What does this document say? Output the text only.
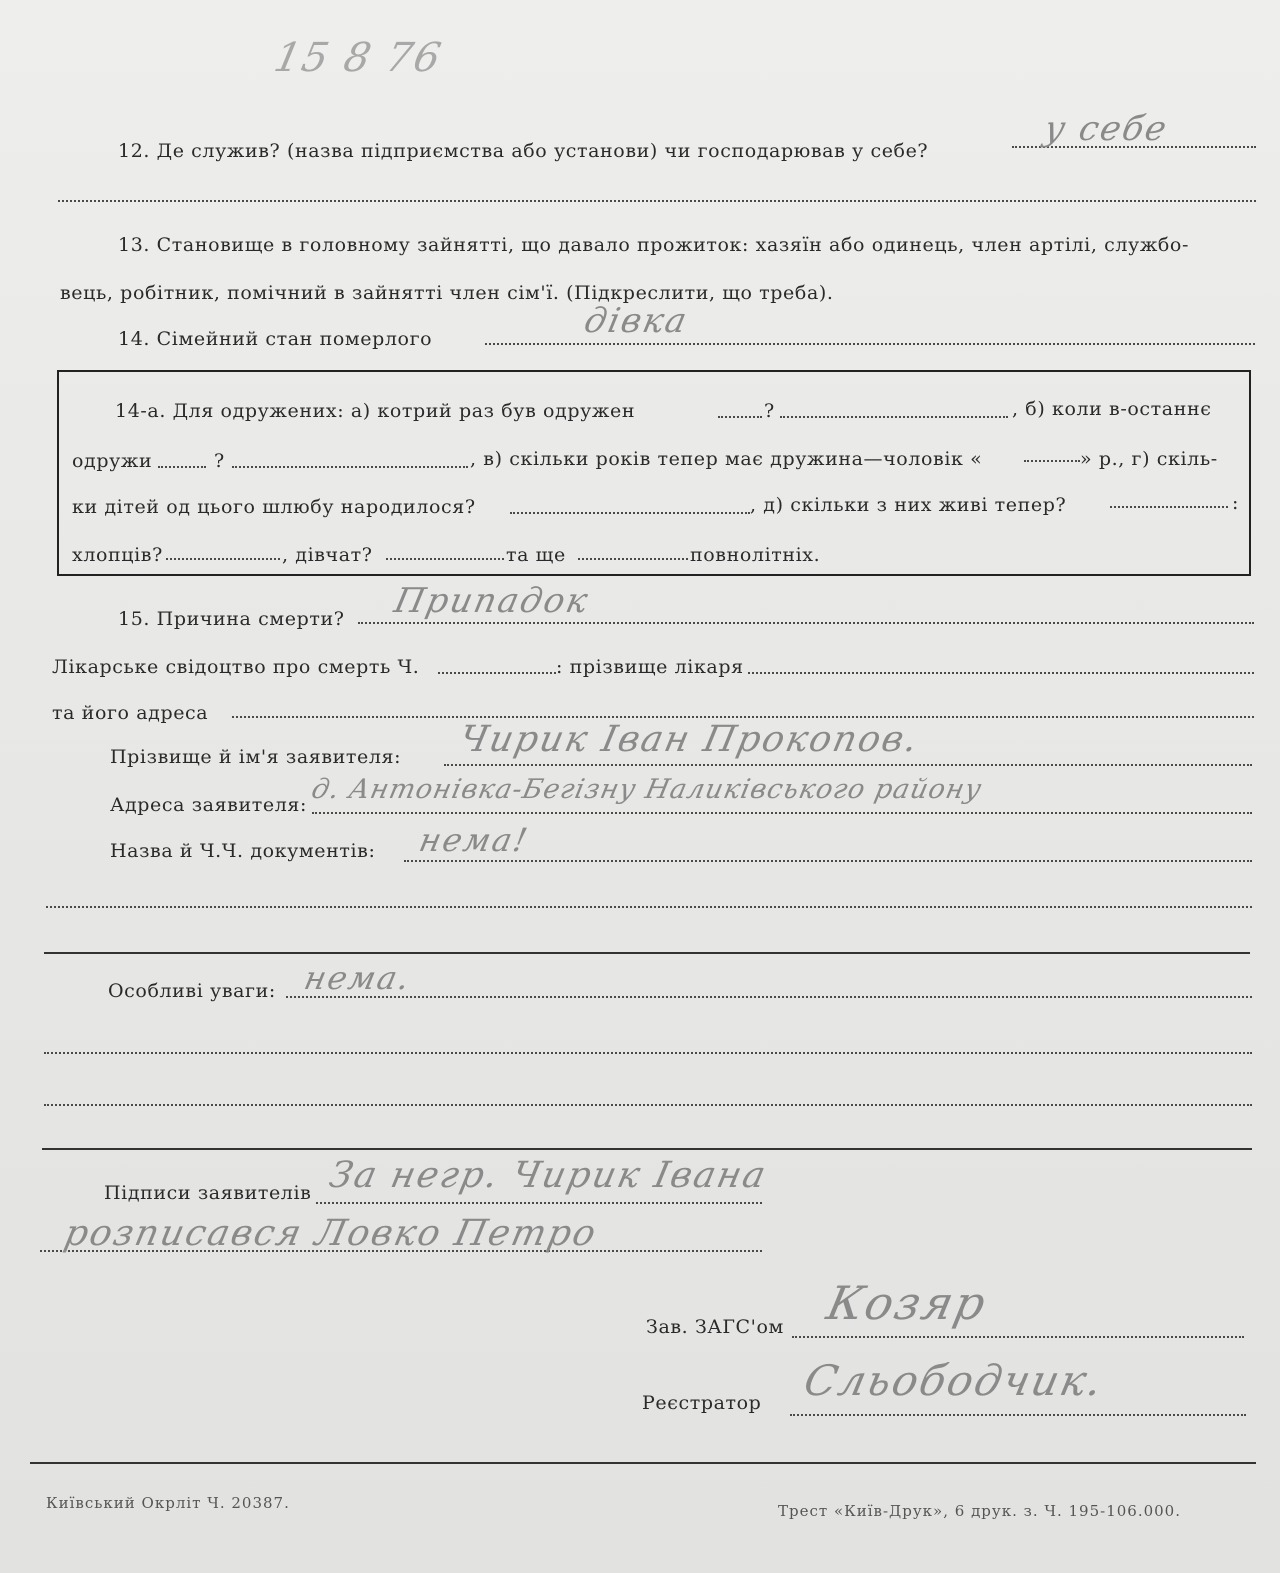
15 8 76
12. Де служив? (назва підприємства або установи) чи господарював у себе?
у себе
13. Становище в головному зайнятті, що давало прожиток: хазяїн або одинець, член артілі, службо-
вець, робітник, помічний в зайнятті член сім'ї. (Підкреслити, що треба).
14. Сімейний стан померлого	дівка
14-а. Для одружених: а) котрий раз був одружен	?	, б) коли в-останнє
одружи	?	, в) скільки років тепер має дружина—чоловік «	» р., г) скіль-
ки дітей од цього шлюбу народилося?	, д) скільки з них живі тепер?	:
хлопців?	, дівчат?	та ще	повнолітніх.
15. Причина смерти? Припадок
Лікарське свідоцтво про смерть Ч.	: прізвище лікаря
та його адреса
Прізвище й ім'я заявителя: Чирик Іван Прокопов.
Адреса заявителя: д. Антонівка-Бегізну Наликівського району
Назва й Ч.Ч. документів: нема!
Особливі уваги: нема.
Підписи заявителів За негр. Чирик Івана
розписався Ловко Петро
Зав. ЗАГС'ом Козяр
Реєстратор Сльободчик.
Київський Окрліт Ч. 20387.	Трест «Київ-Друк», 6 друк. з. Ч. 195-106.000.
